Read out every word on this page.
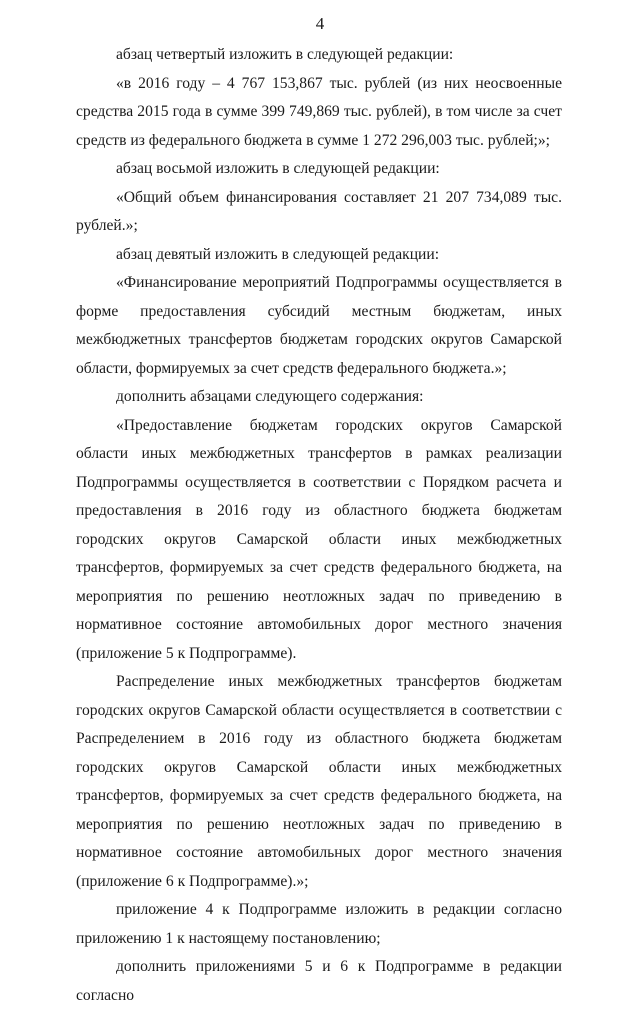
4

абзац четвертый изложить в следующей редакции:

«в 2016 году – 4 767 153,867 тыс. рублей (из них неосвоенные средства 2015 года в сумме 399 749,869 тыс. рублей), в том числе за счет средств из федерального бюджета в сумме 1 272 296,003 тыс. рублей;»;

абзац восьмой изложить в следующей редакции:

«Общий объем финансирования составляет 21 207 734,089 тыс. рублей.»;

абзац девятый изложить в следующей редакции:

«Финансирование мероприятий Подпрограммы осуществляется в форме предоставления субсидий местным бюджетам, иных межбюджетных трансфертов бюджетам городских округов Самарской области, формируемых за счет средств федерального бюджета.»;

дополнить абзацами следующего содержания:

«Предоставление бюджетам городских округов Самарской области иных межбюджетных трансфертов в рамках реализации Подпрограммы осуществляется в соответствии с Порядком расчета и предоставления в 2016 году из областного бюджета бюджетам городских округов Самарской области иных межбюджетных трансфертов, формируемых за счет средств федерального бюджета, на мероприятия по решению неотложных задач по приведению в нормативное состояние автомобильных дорог местного значения (приложение 5 к Подпрограмме).

Распределение иных межбюджетных трансфертов бюджетам городских округов Самарской области осуществляется в соответствии с Распределением в 2016 году из областного бюджета бюджетам городских округов Самарской области иных межбюджетных трансфертов, формируемых за счет средств федерального бюджета, на мероприятия по решению неотложных задач по приведению в нормативное состояние автомобильных дорог местного значения (приложение 6 к Подпрограмме).»;

приложение 4 к Подпрограмме изложить в редакции согласно приложению 1 к настоящему постановлению;

дополнить приложениями 5 и 6 к Подпрограмме в редакции согласно
